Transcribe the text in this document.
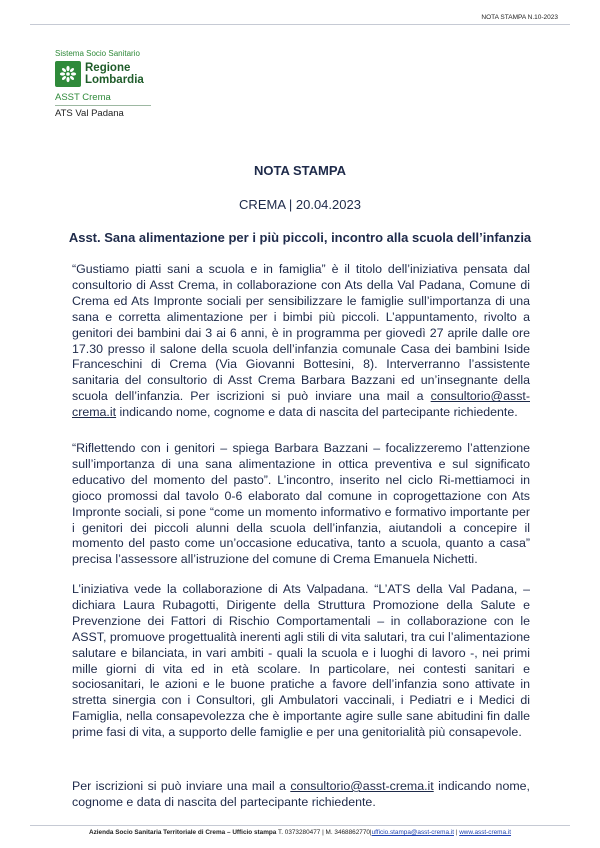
NOTA STAMPA N.10-2023
Sistema Socio Sanitario
Regione
Lombardia
ASST Crema
ATS Val Padana
NOTA STAMPA
CREMA | 20.04.2023
Asst. Sana alimentazione per i più piccoli, incontro alla scuola dell’infanzia
“Gustiamo piatti sani a scuola e in famiglia” è il titolo dell’iniziativa pensata dal consultorio di Asst Crema, in collaborazione con Ats della Val Padana, Comune di Crema ed Ats Impronte sociali per sensibilizzare le famiglie sull’importanza di una sana e corretta alimentazione per i bimbi più piccoli. L’appuntamento, rivolto a genitori dei bambini dai 3 ai 6 anni, è in programma per giovedì 27 aprile dalle ore 17.30 presso il salone della scuola dell’infanzia comunale Casa dei bambini Iside Franceschini di Crema (Via Giovanni Bottesini, 8). Interverranno l’assistente sanitaria del consultorio di Asst Crema Barbara Bazzani ed un’insegnante della scuola dell’infanzia. Per iscrizioni si può inviare una mail a consultorio@asst-crema.it indicando nome, cognome e data di nascita del partecipante richiedente.
“Riflettendo con i genitori – spiega Barbara Bazzani – focalizzeremo l’attenzione sull’importanza di una sana alimentazione in ottica preventiva e sul significato educativo del momento del pasto”. L’incontro, inserito nel ciclo Ri-mettiamoci in gioco promossi dal tavolo 0-6 elaborato dal comune in coprogettazione con Ats Impronte sociali, si pone “come un momento informativo e formativo importante per i genitori dei piccoli alunni della scuola dell’infanzia, aiutandoli a concepire il momento del pasto come un’occasione educativa, tanto a scuola, quanto a casa” precisa l’assessore all’istruzione del comune di Crema Emanuela Nichetti.
L’iniziativa vede la collaborazione di Ats Valpadana. “L’ATS della Val Padana, – dichiara Laura Rubagotti, Dirigente della Struttura Promozione della Salute e Prevenzione dei Fattori di Rischio Comportamentali – in collaborazione con le ASST, promuove progettualità inerenti agli stili di vita salutari, tra cui l’alimentazione salutare e bilanciata, in vari ambiti - quali la scuola e i luoghi di lavoro -, nei primi mille giorni di vita ed in età scolare. In particolare, nei contesti sanitari e sociosanitari, le azioni e le buone pratiche a favore dell’infanzia sono attivate in stretta sinergia con i Consultori, gli Ambulatori vaccinali, i Pediatri e i Medici di Famiglia, nella consapevolezza che è importante agire sulle sane abitudini fin dalle prime fasi di vita, a supporto delle famiglie e per una genitorialità più consapevole.
Per iscrizioni si può inviare una mail a consultorio@asst-crema.it indicando nome, cognome e data di nascita del partecipante richiedente.
Azienda Socio Sanitaria Territoriale di Crema – Ufficio stampa T. 0373280477 | M. 3468862770|ufficio.stampa@asst-crema.it | www.asst-crema.it
